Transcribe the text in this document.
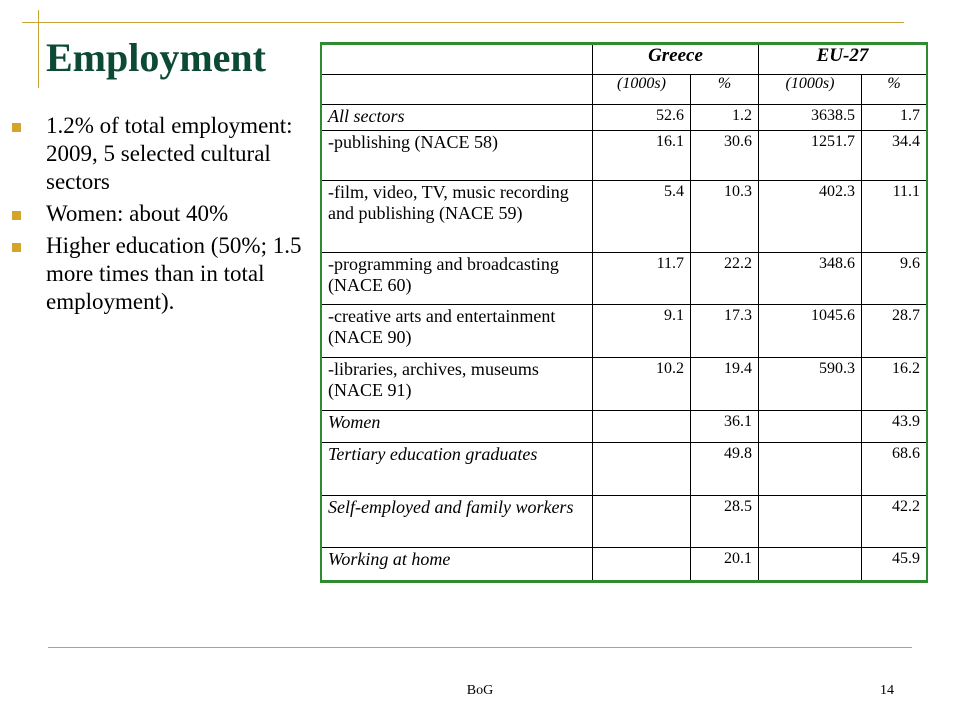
Employment
1.2% of total employment: 2009, 5 selected cultural sectors
Women: about 40%
Higher education (50%; 1.5 more times than in total employment).
	Greece		EU-27	
	(1000s)	%	(1000s)	%
All sectors	52.6	1.2	3638.5	1.7
-publishing (NACE 58)	16.1	30.6	1251.7	34.4
-film, video, TV, music recording and publishing (NACE 59)	5.4	10.3	402.3	11.1
-programming and broadcasting (NACE 60)	11.7	22.2	348.6	9.6
-creative arts and entertainment (NACE 90)	9.1	17.3	1045.6	28.7
-libraries, archives, museums (NACE 91)	10.2	19.4	590.3	16.2
Women		36.1		43.9
Tertiary education graduates		49.8		68.6
Self-employed and family workers		28.5		42.2
Working at home		20.1		45.9
BoG	14
